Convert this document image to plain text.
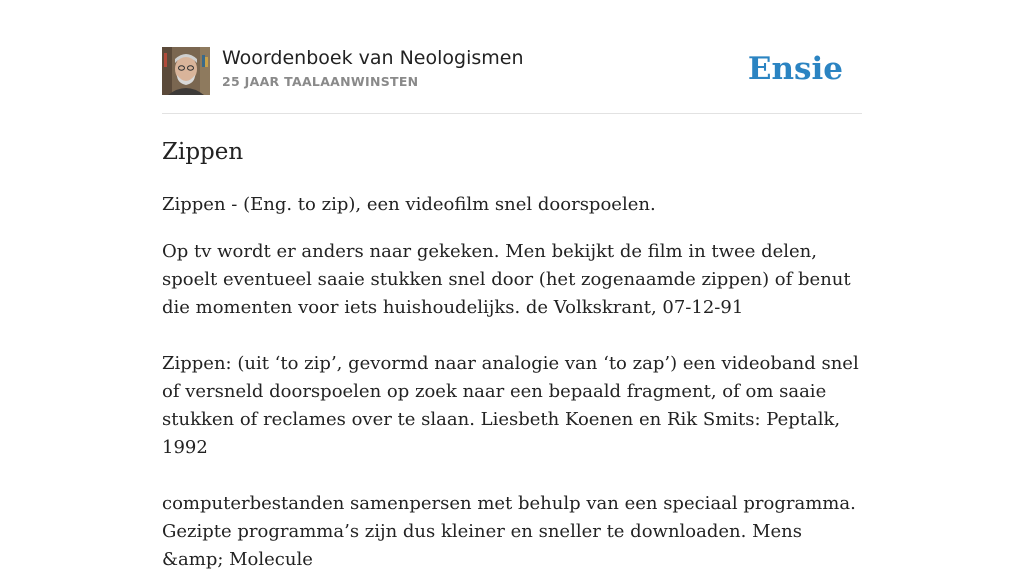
Woordenboek van Neologismen
25 JAAR TAALAANWINSTEN	Ensie
Zippen

Zippen - (Eng. to zip), een videofilm snel doorspoelen.

Op tv wordt er anders naar gekeken. Men bekijkt de film in twee delen, spoelt eventueel saaie stukken snel door (het zogenaamde zippen) of benut die momenten voor iets huishoudelijks. de Volkskrant, 07-12-91

Zippen: (uit ‘to zip’, gevormd naar analogie van ‘to zap’) een videoband snel of versneld doorspoelen op zoek naar een bepaald fragment, of om saaie stukken of reclames over te slaan. Liesbeth Koenen en Rik Smits: Peptalk, 1992

computerbestanden samenpersen met behulp van een speciaal programma. Gezipte programma’s zijn dus kleiner en sneller te downloaden. Mens &amp; Molecule
